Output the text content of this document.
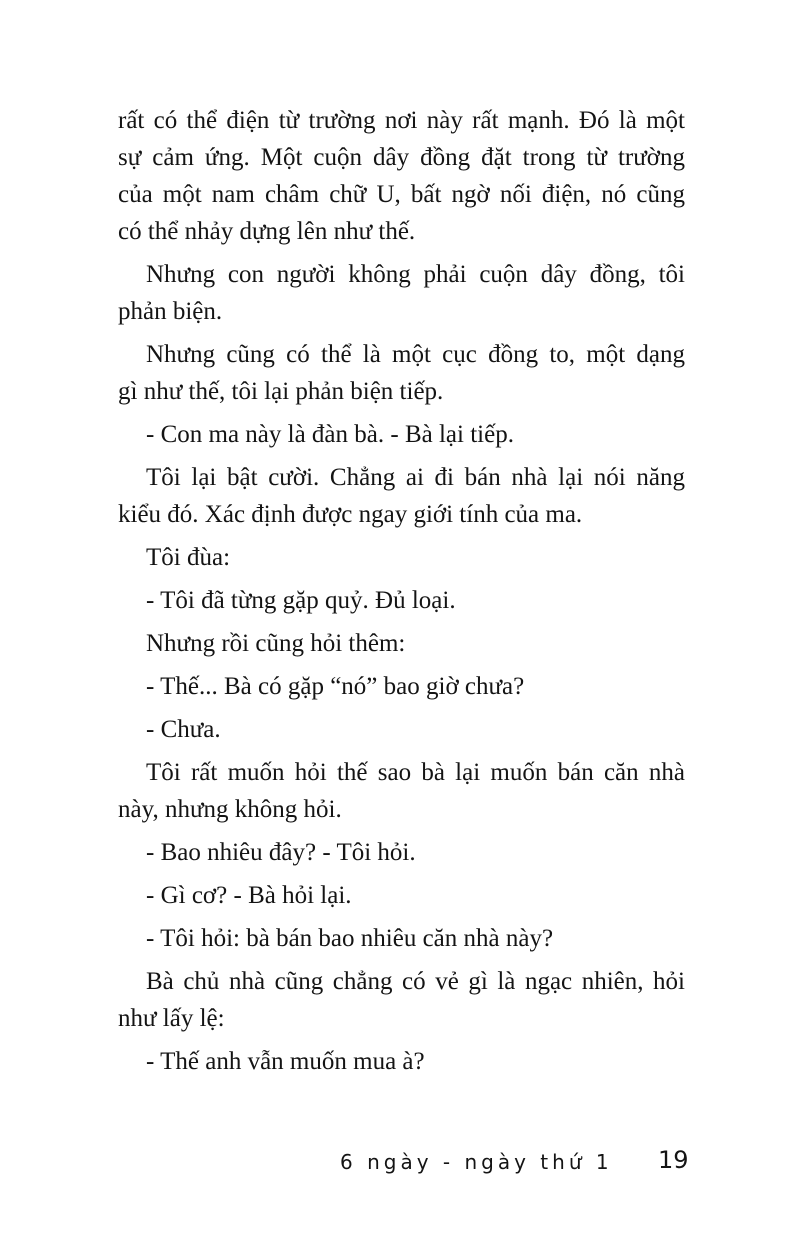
rất có thể điện từ trường nơi này rất mạnh. Đó là một
sự cảm ứng. Một cuộn dây đồng đặt trong từ trường
của một nam châm chữ U, bất ngờ nối điện, nó cũng
có thể nhảy dựng lên như thế.
Nhưng con người không phải cuộn dây đồng, tôi
phản biện.
Nhưng cũng có thể là một cục đồng to, một dạng
gì như thế, tôi lại phản biện tiếp.
- Con ma này là đàn bà. - Bà lại tiếp.
Tôi lại bật cười. Chẳng ai đi bán nhà lại nói năng
kiểu đó. Xác định được ngay giới tính của ma.
Tôi đùa:
- Tôi đã từng gặp quỷ. Đủ loại.
Nhưng rồi cũng hỏi thêm:
- Thế... Bà có gặp “nó” bao giờ chưa?
- Chưa.
Tôi rất muốn hỏi thế sao bà lại muốn bán căn nhà
này, nhưng không hỏi.
- Bao nhiêu đây? - Tôi hỏi.
- Gì cơ? - Bà hỏi lại.
- Tôi hỏi: bà bán bao nhiêu căn nhà này?
Bà chủ nhà cũng chẳng có vẻ gì là ngạc nhiên, hỏi
như lấy lệ:
- Thế anh vẫn muốn mua à?
6 ngày - ngày thứ 1 19
